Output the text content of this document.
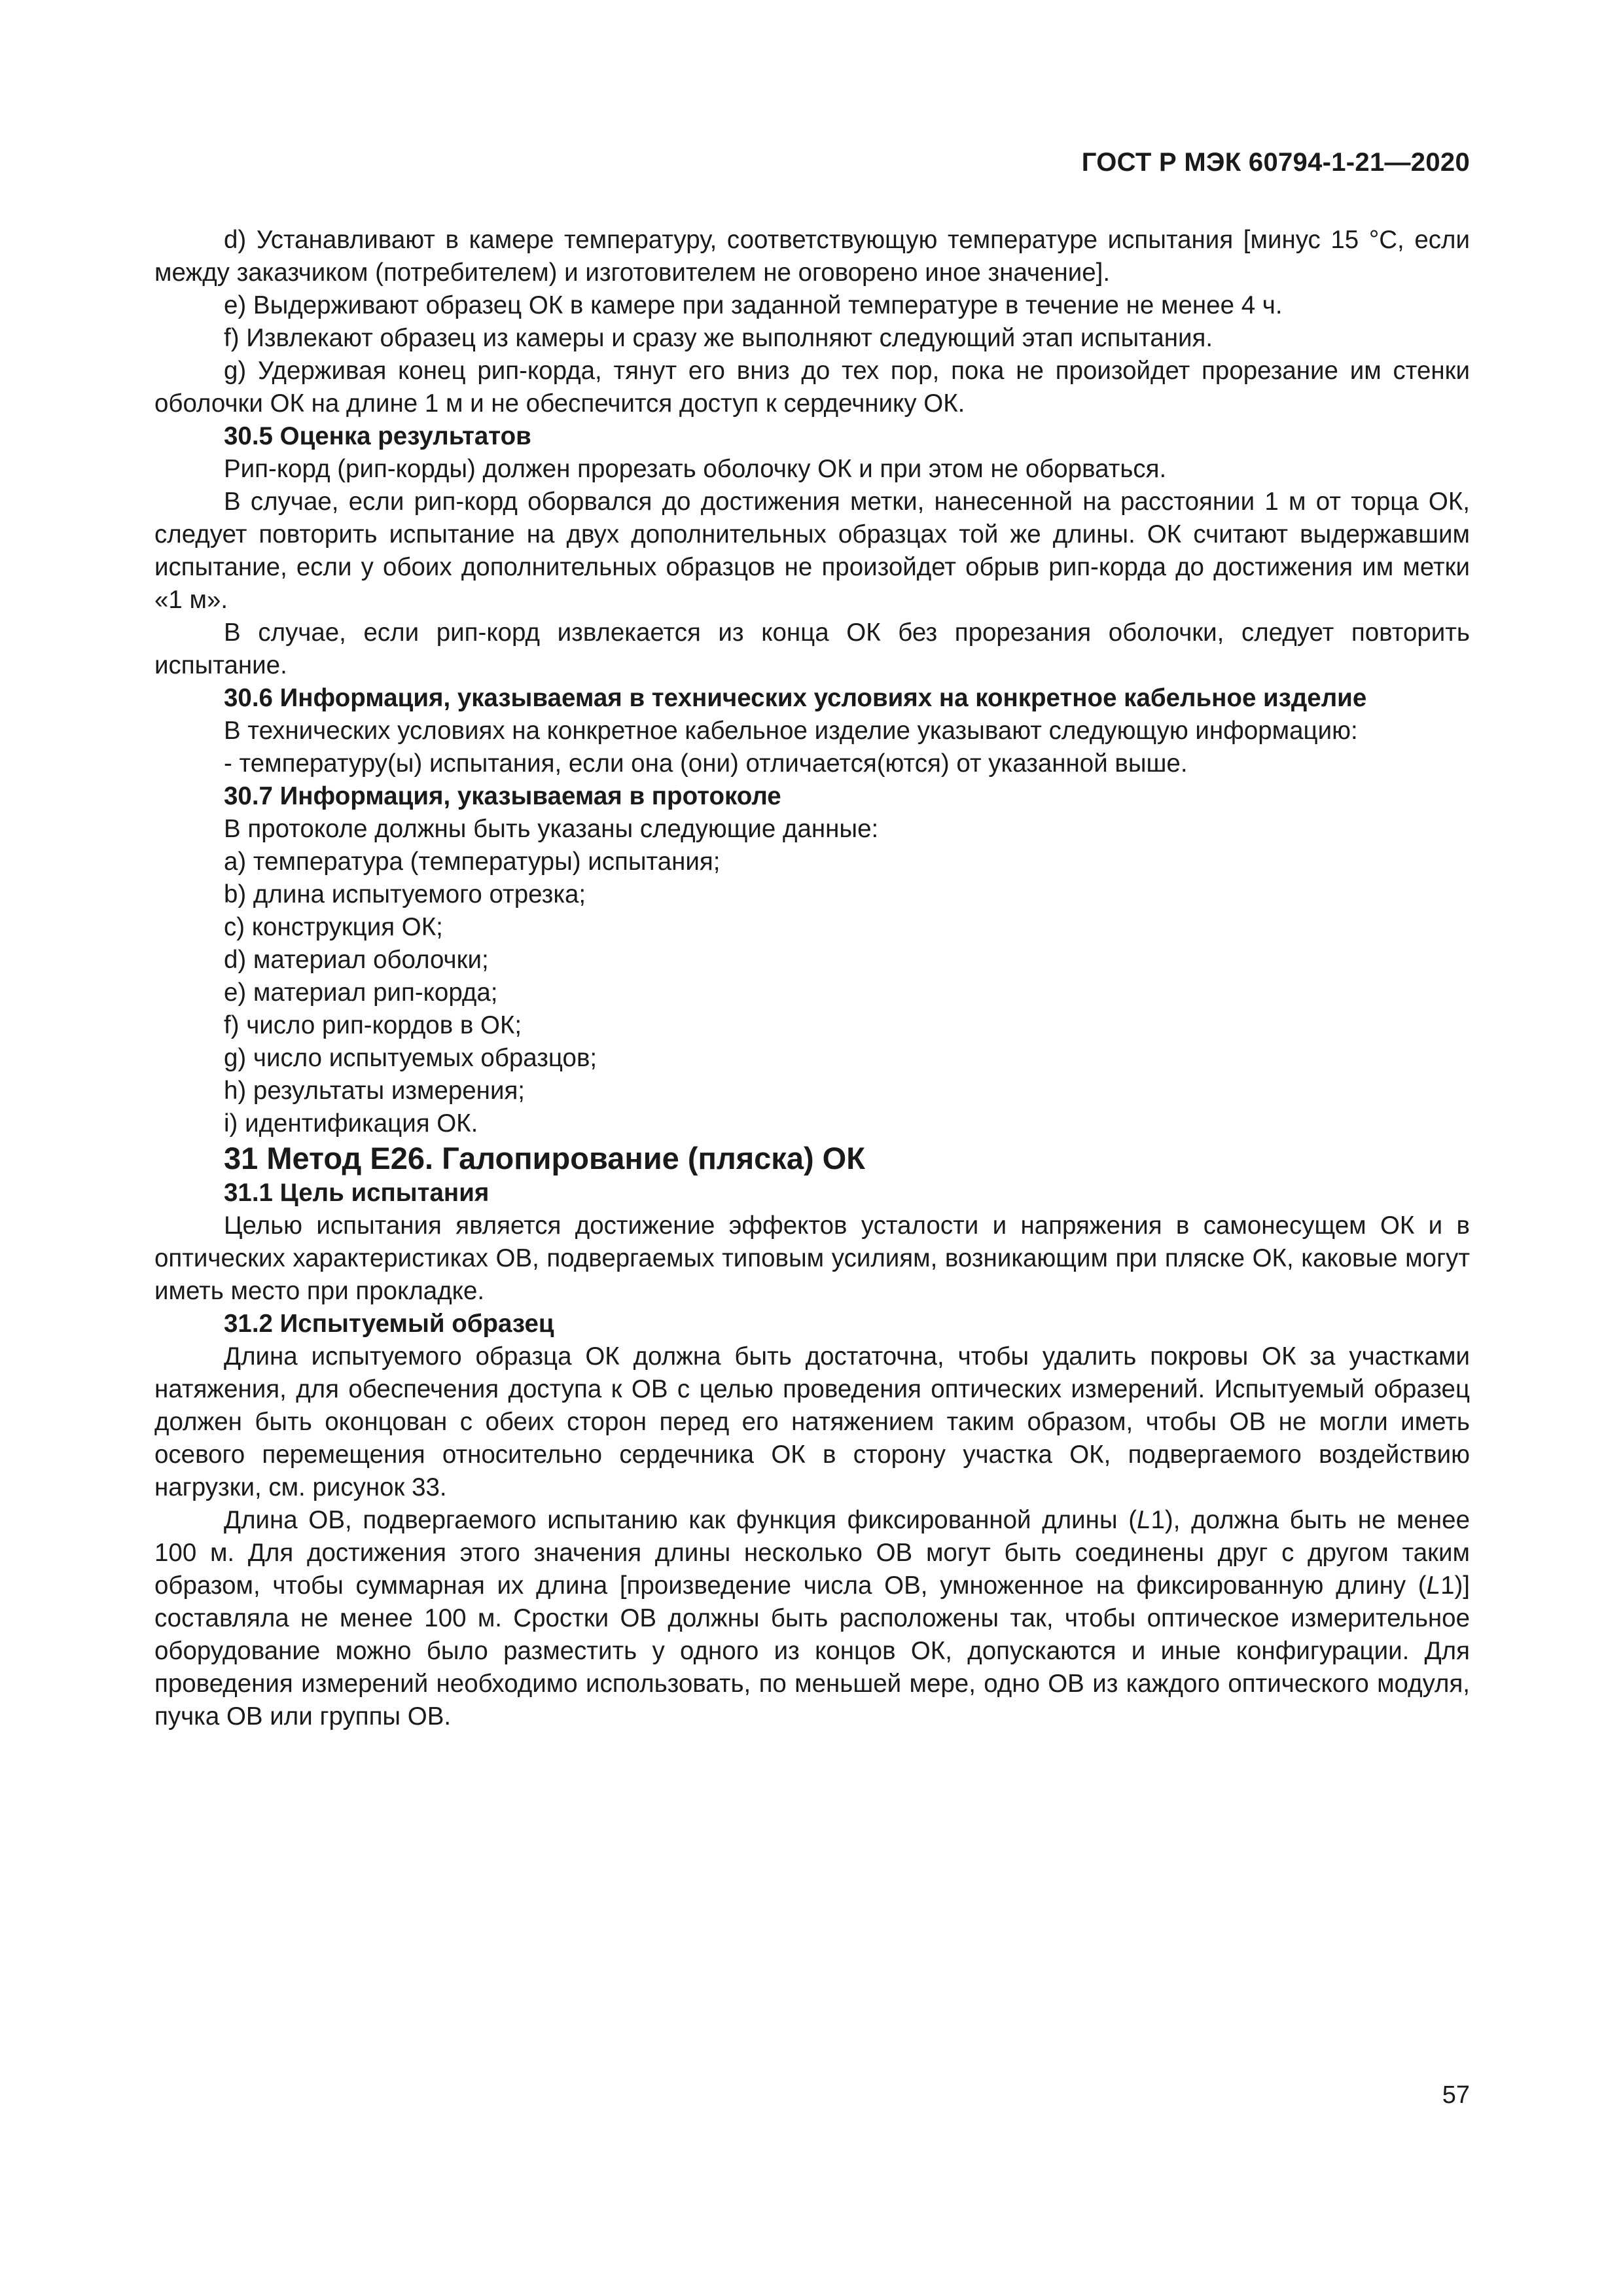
ГОСТ Р МЭК 60794-1-21—2020

d) Устанавливают в камере температуру, соответствующую температуре испытания [минус 15 °С, если между заказчиком (потребителем) и изготовителем не оговорено иное значение].

e) Выдерживают образец ОК в камере при заданной температуре в течение не менее 4 ч.

f) Извлекают образец из камеры и сразу же выполняют следующий этап испытания.

g) Удерживая конец рип-корда, тянут его вниз до тех пор, пока не произойдет прорезание им стенки оболочки ОК на длине 1 м и не обеспечится доступ к сердечнику ОК.

30.5 Оценка результатов

Рип-корд (рип-корды) должен прорезать оболочку ОК и при этом не оборваться.

В случае, если рип-корд оборвался до достижения метки, нанесенной на расстоянии 1 м от торца ОК, следует повторить испытание на двух дополнительных образцах той же длины. ОК считают выдержавшим испытание, если у обоих дополнительных образцов не произойдет обрыв рип-корда до достижения им метки «1 м».

В случае, если рип-корд извлекается из конца ОК без прорезания оболочки, следует повторить испытание.

30.6 Информация, указываемая в технических условиях на конкретное кабельное изделие

В технических условиях на конкретное кабельное изделие указывают следующую информацию:

- температуру(ы) испытания, если она (они) отличается(ются) от указанной выше.

30.7 Информация, указываемая в протоколе

В протоколе должны быть указаны следующие данные:

a) температура (температуры) испытания;

b) длина испытуемого отрезка;

c) конструкция ОК;

d) материал оболочки;

e) материал рип-корда;

f) число рип-кордов в ОК;

g) число испытуемых образцов;

h) результаты измерения;

i) идентификация ОК.

31 Метод Е26. Галопирование (пляска) ОК

31.1 Цель испытания

Целью испытания является достижение эффектов усталости и напряжения в самонесущем ОК и в оптических характеристиках ОВ, подвергаемых типовым усилиям, возникающим при пляске ОК, каковые могут иметь место при прокладке.

31.2 Испытуемый образец

Длина испытуемого образца ОК должна быть достаточна, чтобы удалить покровы ОК за участками натяжения, для обеспечения доступа к ОВ с целью проведения оптических измерений. Испытуемый образец должен быть оконцован с обеих сторон перед его натяжением таким образом, чтобы ОВ не могли иметь осевого перемещения относительно сердечника ОК в сторону участка ОК, подвергаемого воздействию нагрузки, см. рисунок 33.

Длина ОВ, подвергаемого испытанию как функция фиксированной длины (L1), должна быть не менее 100 м. Для достижения этого значения длины несколько ОВ могут быть соединены друг с другом таким образом, чтобы суммарная их длина [произведение числа ОВ, умноженное на фиксированную длину (L1)] составляла не менее 100 м. Сростки ОВ должны быть расположены так, чтобы оптическое измерительное оборудование можно было разместить у одного из концов ОК, допускаются и иные конфигурации. Для проведения измерений необходимо использовать, по меньшей мере, одно ОВ из каждого оптического модуля, пучка ОВ или группы ОВ.

57
